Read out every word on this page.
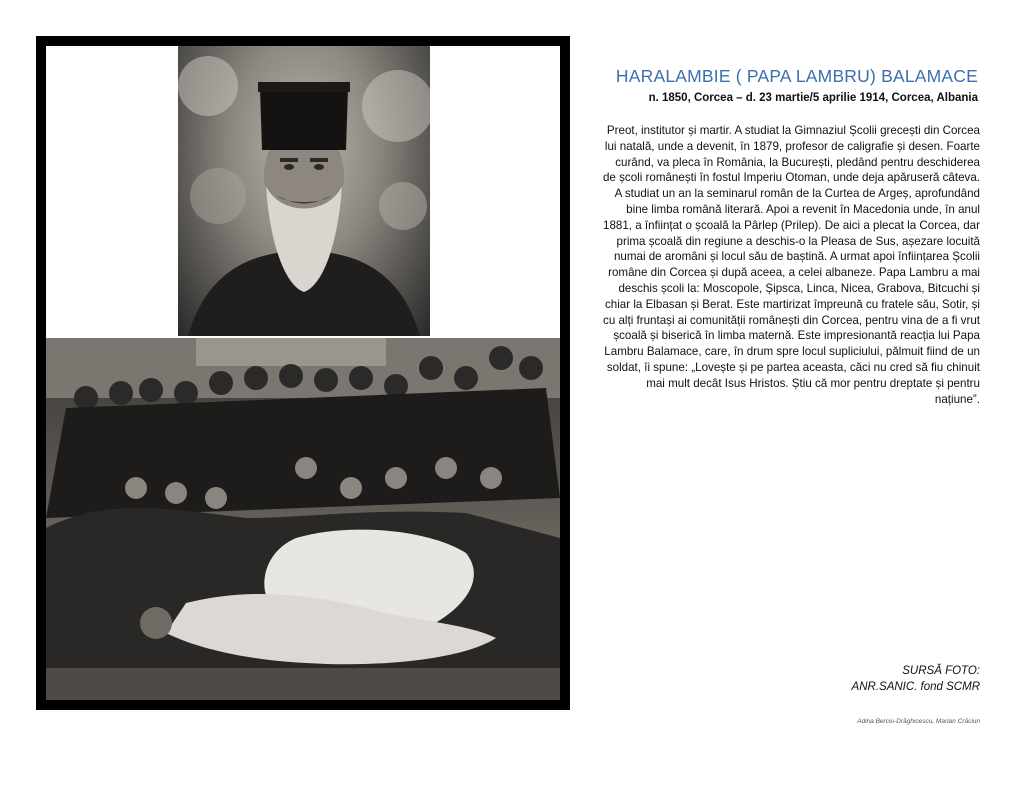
HARALAMBIE ( PAPA LAMBRU) BALAMACE
n. 1850, Corcea – d. 23 martie/5 aprilie 1914, Corcea, Albania

Preot, institutor și martir. A studiat la Gimnaziul Școlii grecești din Corcea lui natală, unde a devenit, în 1879, profesor de caligrafie și desen. Foarte curând, va pleca în România, la București, pledând pentru deschiderea de școli românești în fostul Imperiu Otoman, unde deja apăruseră câteva. A studiat un an la seminarul român de la Curtea de Argeș, aprofundând bine limba română literară. Apoi a revenit în Macedonia unde, în anul 1881, a înființat o școală la Pârlep (Prilep). De aici a plecat la Corcea, dar prima școală din regiune a deschis-o la Pleasa de Sus, așezare locuită numai de aromâni și locul său de baștină. A urmat apoi înființarea Școlii române din Corcea și după aceea, a celei albaneze. Papa Lambru a mai deschis școli la: Moscopole, Șipsca, Linca, Nicea, Grabova, Bitcuchi și chiar la Elbasan și Berat. Este martirizat împreună cu fratele său, Sotir, și cu alți fruntași ai comunității românești din Corcea, pentru vina de a fi vrut școală și biserică în limba maternă. Este impresionantă reacția lui Papa Lambru Balamace, care, în drum spre locul supliciului, pălmuit fiind de un soldat, îi spune: „Lovește și pe partea aceasta, căci nu cred să fiu chinuit mai mult decât Isus Hristos. Știu că mor pentru dreptate și pentru națiune”.

SURSĂ FOTO:
ANR.SANIC. fond SCMR
Adina Berciu-Drăghicescu, Marian Crăciun
